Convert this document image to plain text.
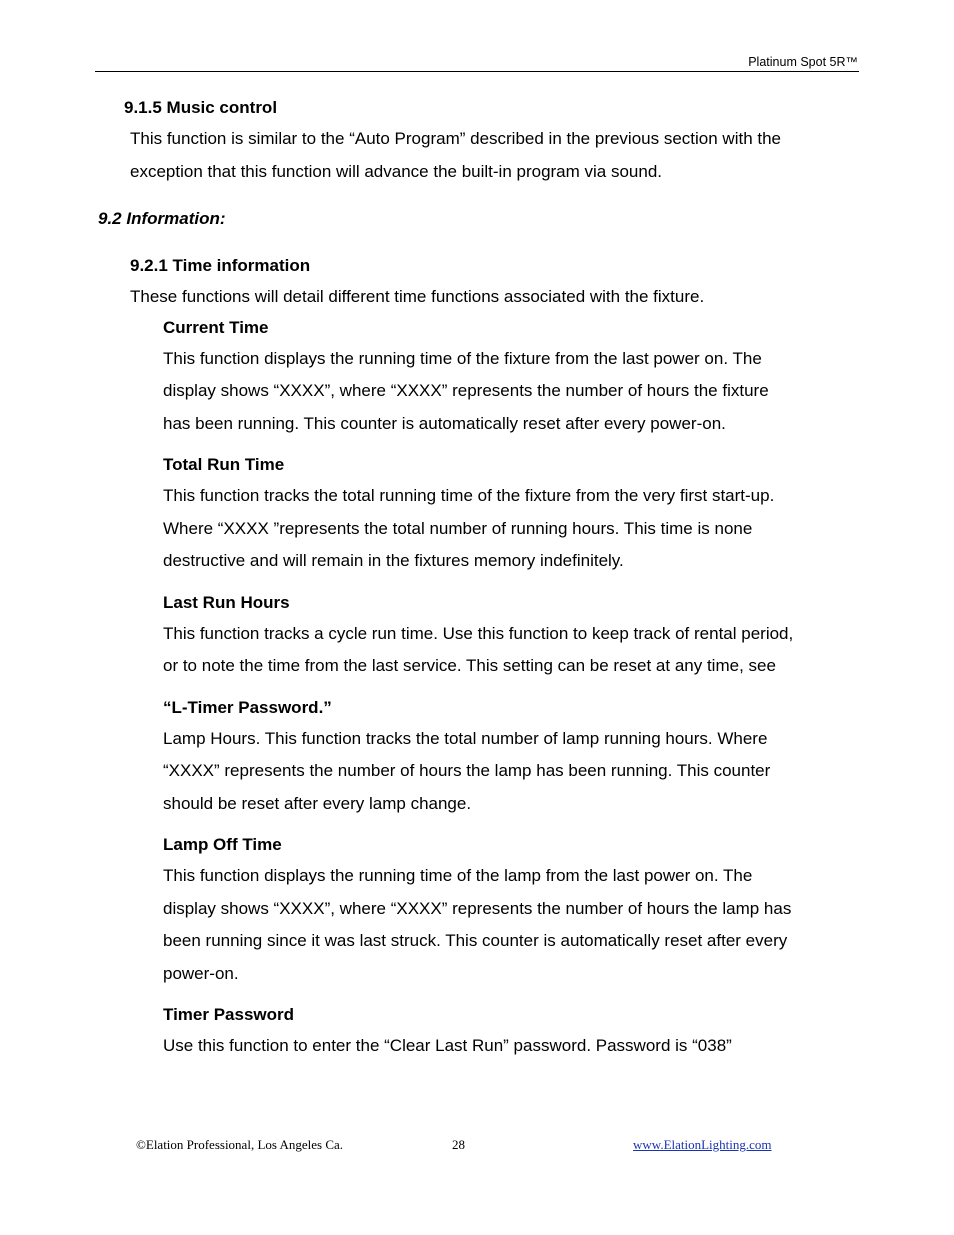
Platinum Spot 5R™

9.1.5 Music control

This function is similar to the “Auto Program” described in the previous section with the

exception that this function will advance the built-in program via sound.

9.2 Information:

9.2.1 Time information

These functions will detail different time functions associated with the fixture.

Current Time

This function displays the running time of the fixture from the last power on. The

display shows “XXXX”, where “XXXX” represents the number of hours the fixture

has been running. This counter is automatically reset after every power-on.

Total Run Time

This function tracks the total running time of the fixture from the very first start-up.

Where “XXXX ”represents the total number of running hours. This time is none

destructive and will remain in the fixtures memory indefinitely.

Last Run Hours

This function tracks a cycle run time. Use this function to keep track of rental period,

or to note the time from the last service. This setting can be reset at any time, see

“L-Timer Password.”

Lamp Hours. This function tracks the total number of lamp running hours. Where

“XXXX” represents the number of hours the lamp has been running. This counter

should be reset after every lamp change.

Lamp Off Time

This function displays the running time of the lamp from the last power on. The

display shows “XXXX”, where “XXXX” represents the number of hours the lamp has

been running since it was last struck. This counter is automatically reset after every

power-on.

Timer Password

Use this function to enter the “Clear Last Run” password. Password is “038”

©Elation Professional, Los Angeles Ca.	28	www.ElationLighting.com
